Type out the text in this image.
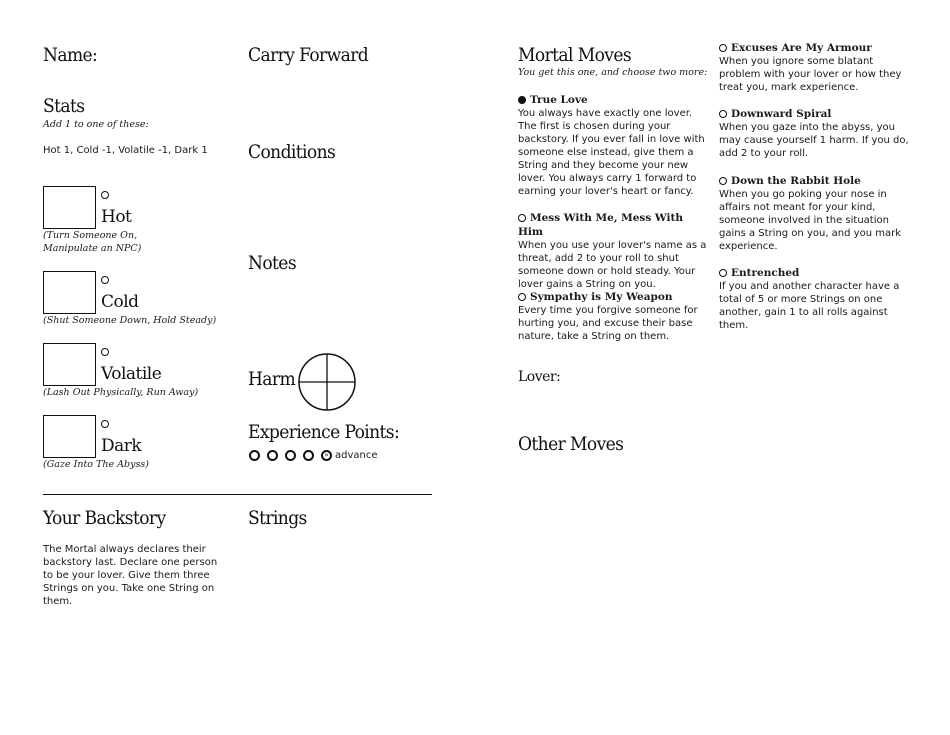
Name:
Stats
Add 1 to one of these:
Hot 1, Cold -1, Volatile -1, Dark 1
Hot
(Turn Someone On, Manipulate an NPC)
Cold
(Shut Someone Down, Hold Steady)
Volatile
(Lash Out Physically, Run Away)
Dark
(Gaze Into The Abyss)
Carry Forward
Conditions
Notes
Harm
Experience Points:
» advance
Your Backstory
The Mortal always declares their backstory last. Declare one person to be your lover. Give them three Strings on you. Take one String on them.
Strings
Mortal Moves
You get this one, and choose two more:

True Love

You always have exactly one lover. The first is chosen during your backstory. If you ever fall in love with someone else instead, give them a String and they become your new lover. You always carry 1 forward to earning your lover's heart or fancy.

Mess With Me, Mess With Him

When you use your lover's name as a threat, add 2 to your roll to shut someone down or hold steady. Your lover gains a String on you.

Sympathy is My Weapon

Every time you forgive someone for hurting you, and excuse their base nature, take a String on them.

Lover:
Other Moves

Excuses Are My Armour

When you ignore some blatant problem with your lover or how they treat you, mark experience.

Downward Spiral

When you gaze into the abyss, you may cause yourself 1 harm. If you do, add 2 to your roll.

Down the Rabbit Hole

When you go poking your nose in affairs not meant for your kind, someone involved in the situation gains a String on you, and you mark experience.

Entrenched

If you and another character have a total of 5 or more Strings on one another, gain 1 to all rolls against them.
